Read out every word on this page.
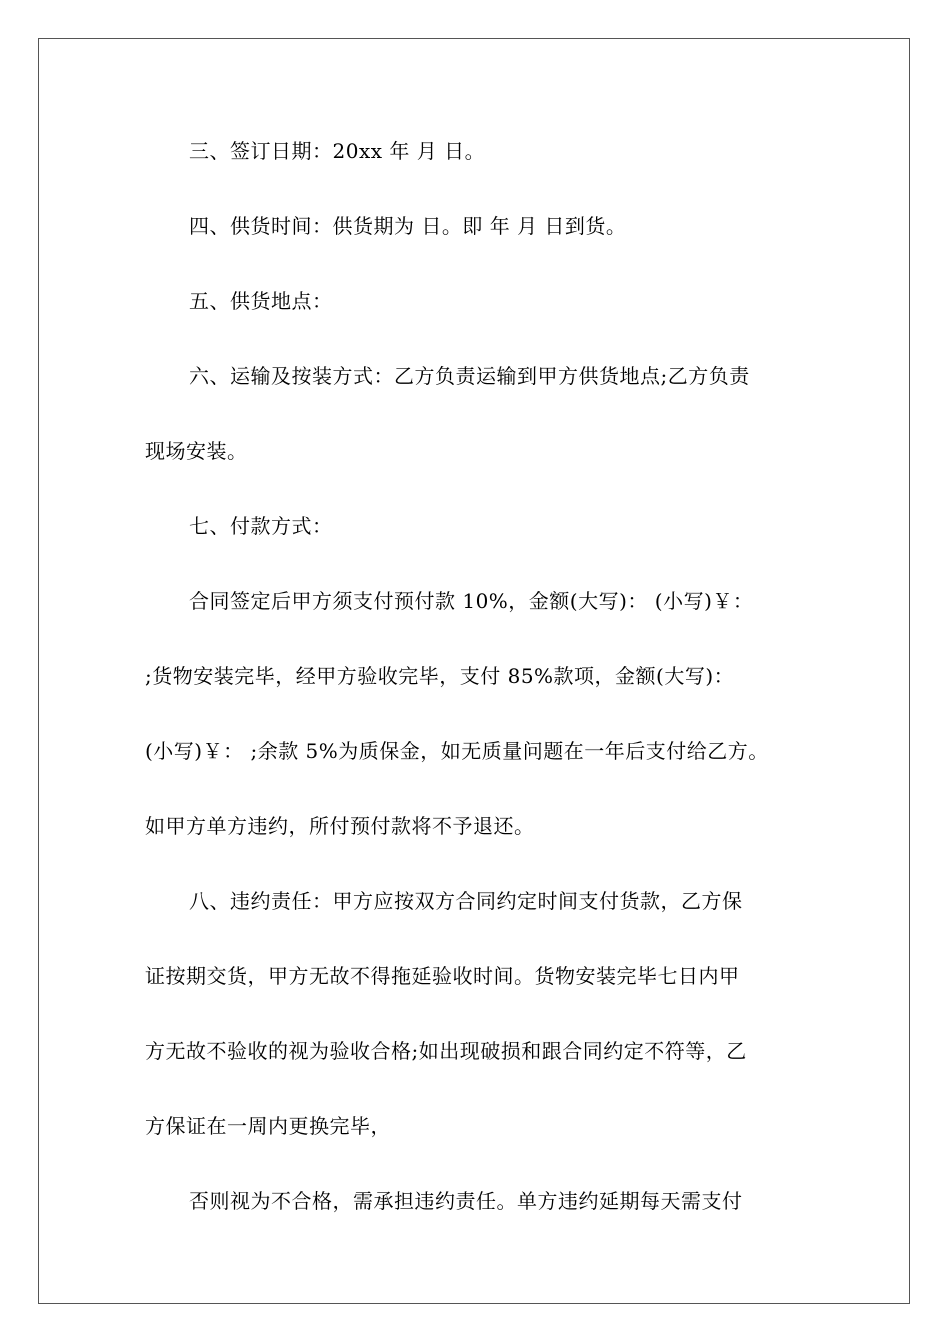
三、签订日期：20xx 年 月 日。
四、供货时间：供货期为 日。即 年 月 日到货。
五、供货地点：
六、运输及按装方式：乙方负责运输到甲方供货地点;乙方负责
现场安装。
七、付款方式：
合同签定后甲方须支付预付款 10%，金额(大写)： (小写)￥：
;货物安装完毕，经甲方验收完毕，支付 85%款项，金额(大写)：
(小写)￥： ;余款 5%为质保金，如无质量问题在一年后支付给乙方。
如甲方单方违约，所付预付款将不予退还。
八、违约责任：甲方应按双方合同约定时间支付货款，乙方保
证按期交货，甲方无故不得拖延验收时间。货物安装完毕七日内甲
方无故不验收的视为验收合格;如出现破损和跟合同约定不符等，乙
方保证在一周内更换完毕，
否则视为不合格，需承担违约责任。单方违约延期每天需支付
